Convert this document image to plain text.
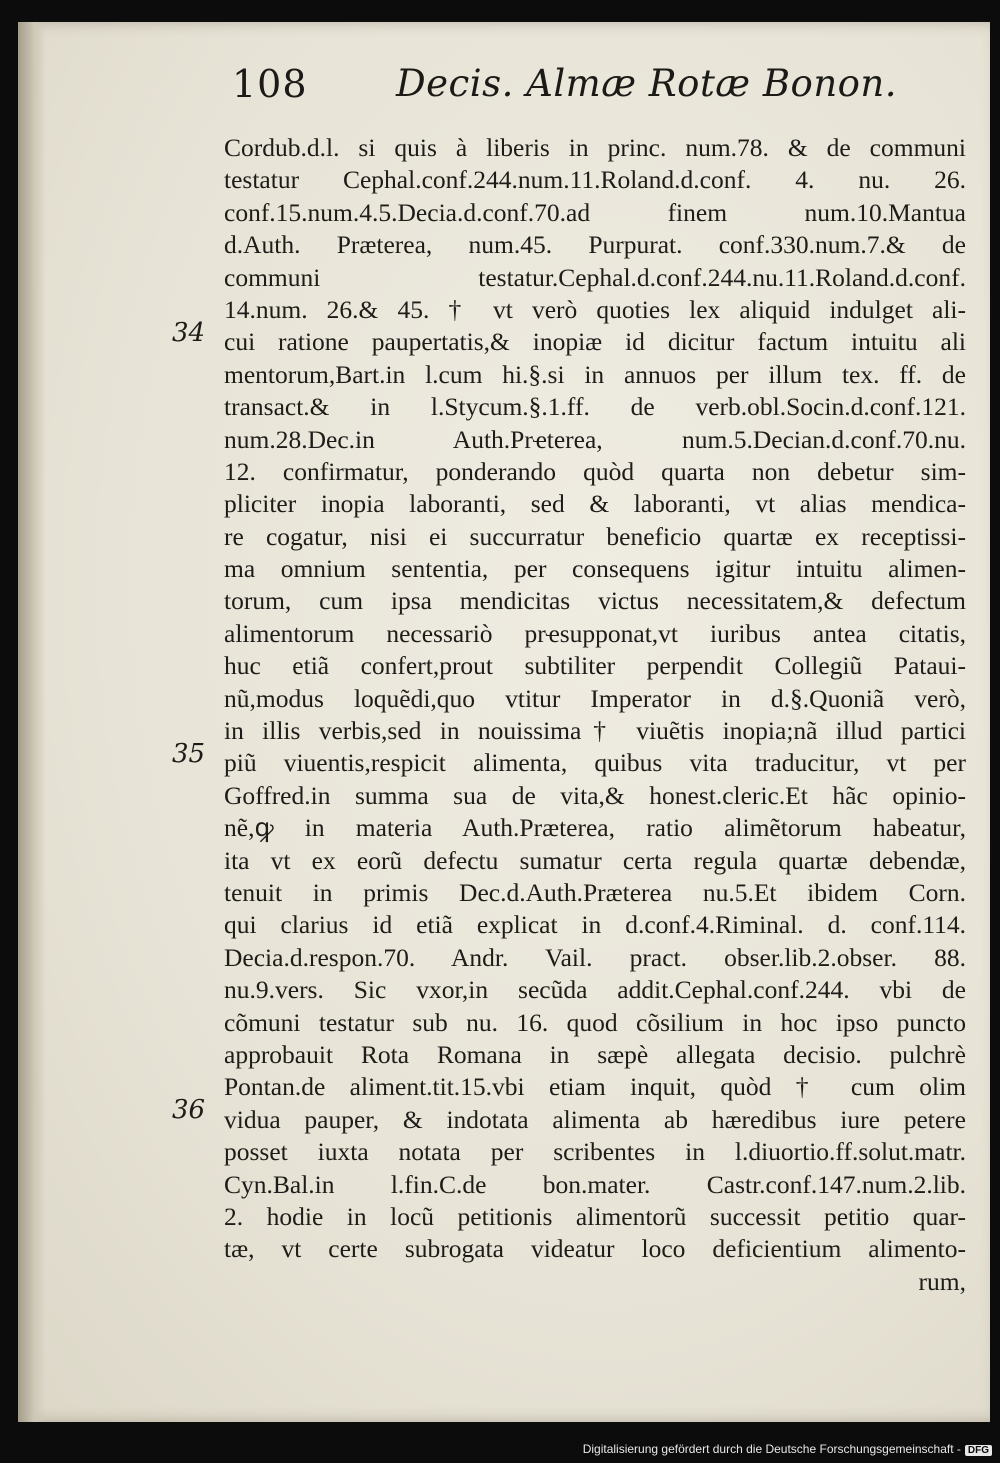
108 Decis. Almæ Rotæ Bonon.
34
35
36
Cordub.d.l. si quis à liberis in princ. num.78. & de communi
testatur Cephal.conf.244.num.11.Roland.d.conf. 4. nu. 26.
conf.15.num.4.5.Decia.d.conf.70.ad finem num.10.Mantua
d.Auth. Præterea, num.45. Purpurat. conf.330.num.7.& de
communi testatur.Cephal.d.conf.244.nu.11.Roland.d.conf.
14.num. 26.& 45. † vt verò quoties lex aliquid indulget ali-
cui ratione paupertatis,& inopiæ id dicitur factum intuitu ali
mentorum,Bart.in l.cum hi.§.si in annuos per illum tex. ff. de
transact.& in l.Stycum.§.1.ff. de verb.obl.Socin.d.conf.121.
num.28.Dec.in Auth.Prҽterea, num.5.Decian.d.conf.70.nu.
12. confirmatur, ponderando quòd quarta non debetur sim-
pliciter inopia laboranti, sed & laboranti, vt alias mendica-
re cogatur, nisi ei succurratur beneficio quartæ ex receptissi-
ma omnium sententia, per consequens igitur intuitu alimen-
torum, cum ipsa mendicitas victus necessitatem,& defectum
alimentorum necessariò prҽsupponat,vt iuribus antea citatis,
huc etiã confert,prout subtiliter perpendit Collegiũ Pataui-
nũ,modus loquẽdi,quo vtitur Imperator in d.§.Quoniã verò,
in illis verbis,sed in nouissima† viuẽtis inopia;nã illud partici
piũ viuentis,respicit alimenta, quibus vita traducitur, vt per
Goffred.in summa sua de vita,& honest.cleric.Et hãc opinio-
nẽ,ꝙ in materia Auth.Præterea, ratio alimẽtorum habeatur,
ita vt ex eorũ defectu sumatur certa regula quartæ debendæ,
tenuit in primis Dec.d.Auth.Præterea nu.5.Et ibidem Corn.
qui clarius id etiã explicat in d.conf.4.Riminal. d. conf.114.
Decia.d.respon.70. Andr. Vail. pract. obser.lib.2.obser. 88.
nu.9.vers. Sic vxor,in secũda addit.Cephal.conf.244. vbi de
cõmuni testatur sub nu. 16. quod cõsilium in hoc ipso puncto
approbauit Rota Romana in sæpè allegata decisio. pulchrè
Pontan.de aliment.tit.15.vbi etiam inquit, quòd † cum olim
vidua pauper, & indotata alimenta ab hæredibus iure petere
posset iuxta notata per scribentes in l.diuortio.ff.solut.matr.
Cyn.Bal.in l.fin.C.de bon.mater. Castr.conf.147.num.2.lib.
2. hodie in locũ petitionis alimentorũ successit petitio quar-
tæ, vt certe subrogata videatur loco deficientium alimento-
rum,
Digitalisierung gefördert durch die Deutsche Forschungsgemeinschaft - DFG
